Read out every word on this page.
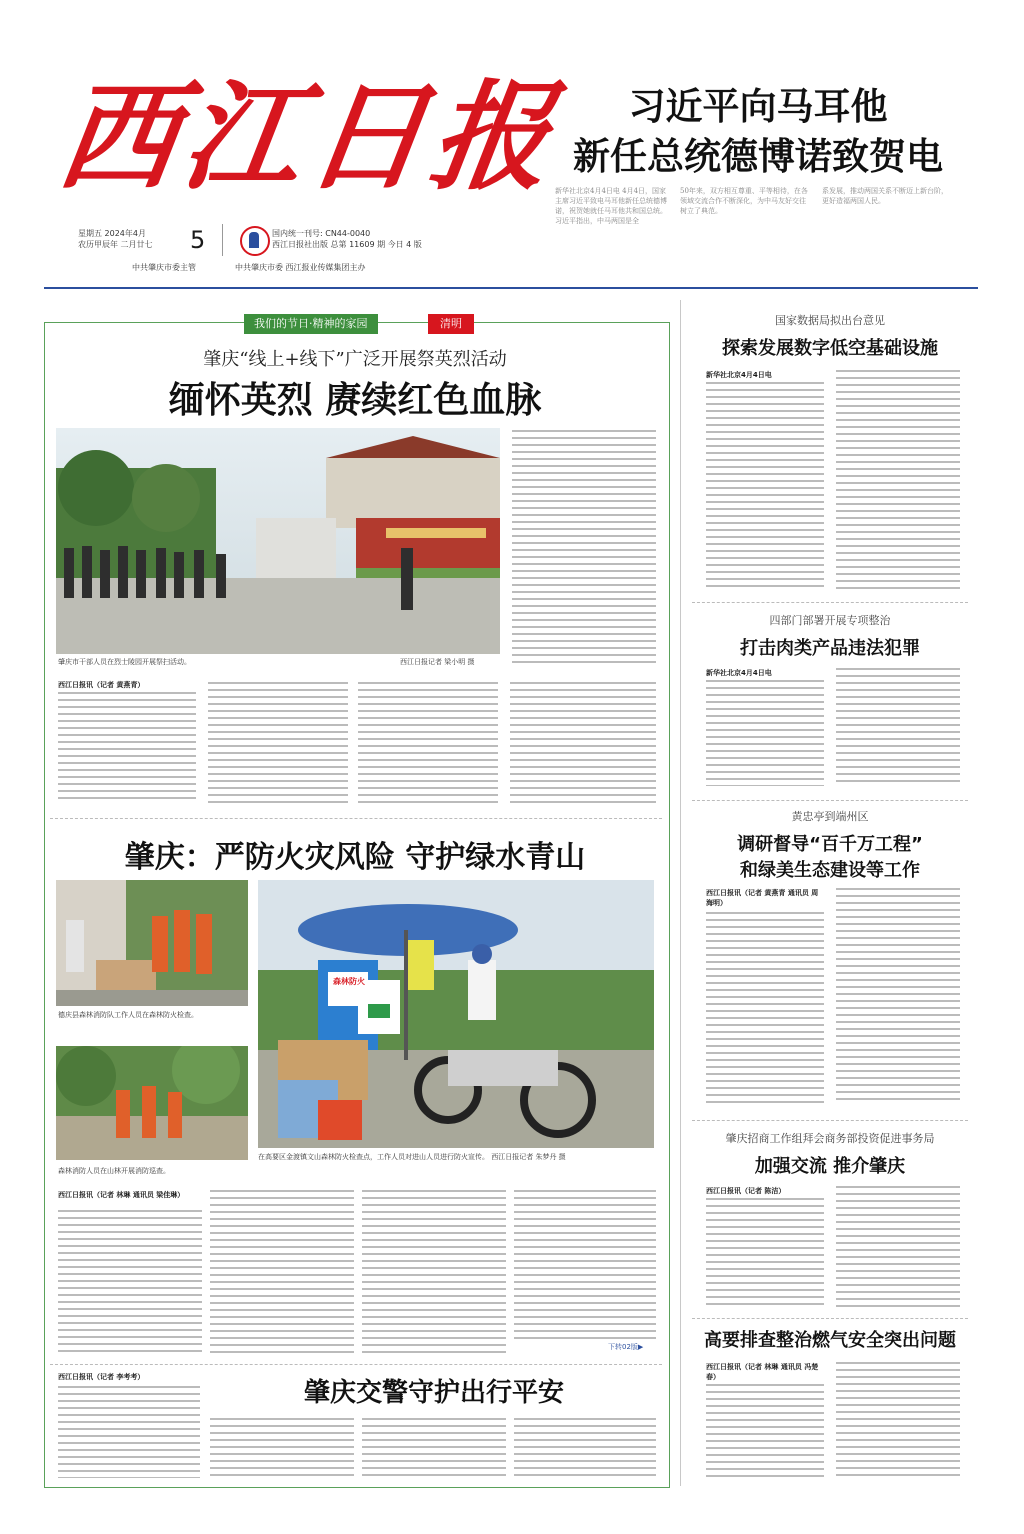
西江日报
星期五 2024年4月
农历甲辰年 二月廿七	5	国内统一刊号: CN44-0040
西江日报社出版 总第 11609 期 今日 4 版
中共肇庆市委主管	中共肇庆市委 西江报业传媒集团主办
习近平向马耳他
新任总统德博诺致贺电
新华社北京4月4日电 4月4日，国家主席习近平致电马耳他新任总统德博诺，祝贺她就任马耳他共和国总统。 习近平指出，中马两国是全
50年来，双方相互尊重、平等相待，在各领域交流合作不断深化，为中马友好交往树立了典范。
系发展，推动两国关系不断迈上新台阶，更好造福两国人民。
我们的节日·精神的家园	清明
肇庆“线上+线下”广泛开展祭英烈活动
缅怀英烈 赓续红色血脉
肇庆市干部人员在烈士陵园开展祭扫活动。	西江日报记者 梁小明 摄
西江日报讯（记者 黄燕青）
肇庆：严防火灾风险 守护绿水青山
德庆县森林消防队工作人员在森林防火检查。
森林消防人员在山林开展消防巡查。
森林防火
在高要区金渡镇文山森林防火检查点，工作人员对进山人员进行防火宣传。 西江日报记者 朱梦丹 摄
西江日报讯（记者 林琳 通讯员 梁佳琳）
下转02版▶
西江日报讯（记者 李考考）
肇庆交警守护出行平安
国家数据局拟出台意见
探索发展数字低空基础设施
新华社北京4月4日电
四部门部署开展专项整治
打击肉类产品违法犯罪
新华社北京4月4日电
黄忠亭到端州区
调研督导“百千万工程”
和绿美生态建设等工作
西江日报讯（记者 黄燕青 通讯员 周海明）
肇庆招商工作组拜会商务部投资促进事务局
加强交流 推介肇庆
西江日报讯（记者 陈洁）
高要排查整治燃气安全突出问题
西江日报讯（记者 林琳 通讯员 冯楚春）
